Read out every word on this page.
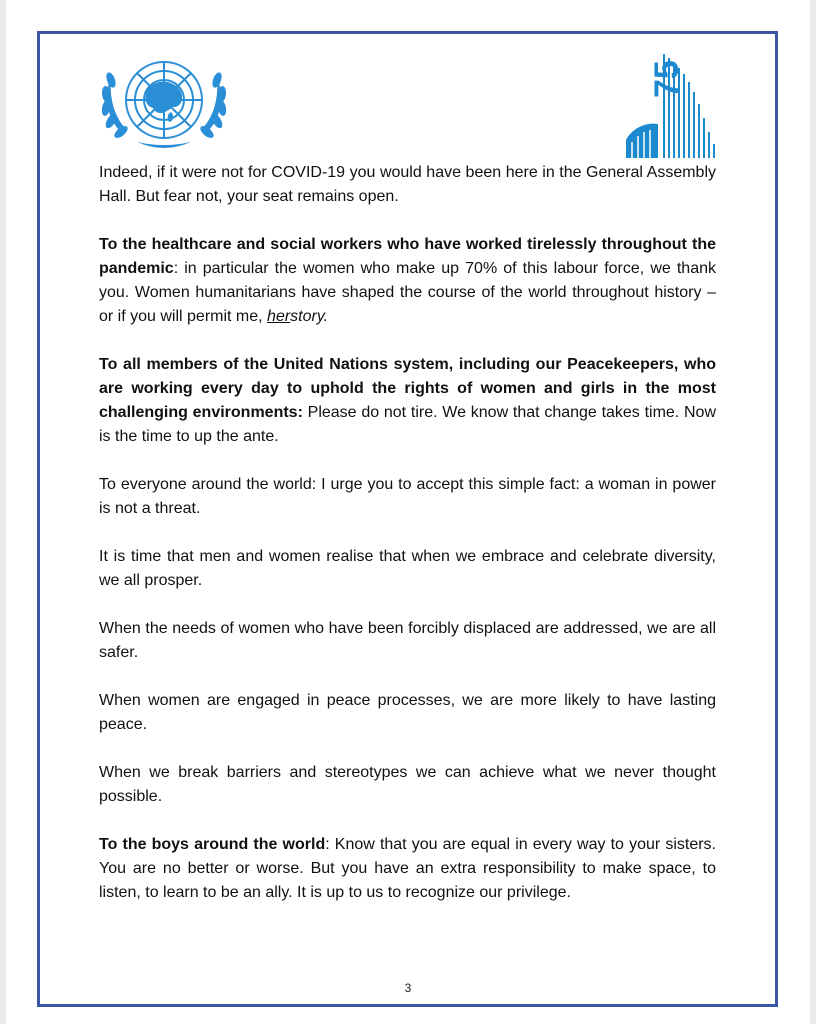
75

Indeed, if it were not for COVID-19 you would have been here in the General Assembly Hall. But fear not, your seat remains open.

To the healthcare and social workers who have worked tirelessly throughout the pandemic: in particular the women who make up 70% of this labour force, we thank you. Women humanitarians have shaped the course of the world throughout history – or if you will permit me, herstory.

To all members of the United Nations system, including our Peacekeepers, who are working every day to uphold the rights of women and girls in the most challenging environments: Please do not tire. We know that change takes time. Now is the time to up the ante.

To everyone around the world: I urge you to accept this simple fact: a woman in power is not a threat.

It is time that men and women realise that when we embrace and celebrate diversity, we all prosper.

When the needs of women who have been forcibly displaced are addressed, we are all safer.

When women are engaged in peace processes, we are more likely to have lasting peace.

When we break barriers and stereotypes we can achieve what we never thought possible.

To the boys around the world: Know that you are equal in every way to your sisters. You are no better or worse. But you have an extra responsibility to make space, to listen, to learn to be an ally. It is up to us to recognize our privilege.

3
